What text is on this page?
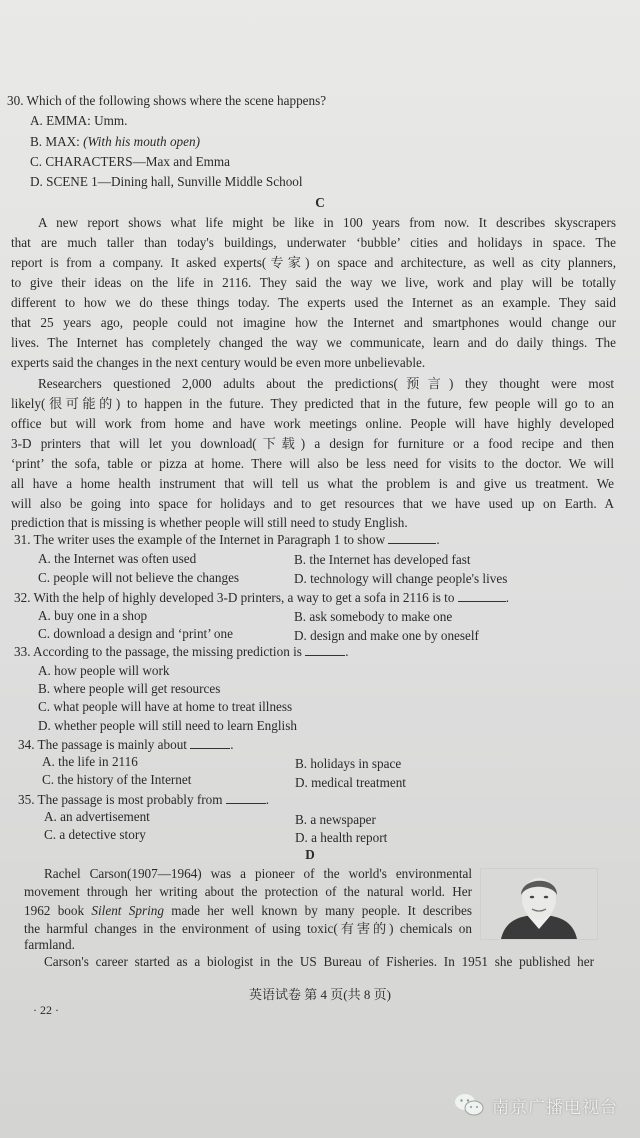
30. Which of the following shows where the scene happens?
A. EMMA: Umm.
B. MAX: (With his mouth open)
C. CHARACTERS—Max and Emma
D. SCENE 1—Dining hall, Sunville Middle School
C
A new report shows what life might be like in 100 years from now. It describes skyscrapers
that are much taller than today's buildings, underwater ‘bubble’ cities and holidays in space. The
report is from a company. It asked experts(专家) on space and architecture, as well as city planners,
to give their ideas on the life in 2116. They said the way we live, work and play will be totally
different to how we do these things today. The experts used the Internet as an example. They said
that 25 years ago, people could not imagine how the Internet and smartphones would change our
lives. The Internet has completely changed the way we communicate, learn and do daily things. The
experts said the changes in the next century would be even more unbelievable.
Researchers questioned 2,000 adults about the predictions(预言) they thought were most
likely(很可能的) to happen in the future. They predicted that in the future, few people will go to an
office but will work from home and have work meetings online. People will have highly developed
3-D printers that will let you download(下载) a design for furniture or a food recipe and then
‘print’ the sofa, table or pizza at home. There will also be less need for visits to the doctor. We will
all have a home health instrument that will tell us what the problem is and give us treatment. We
will also be going into space for holidays and to get resources that we have used up on Earth. A
prediction that is missing is whether people will still need to study English.
31. The writer uses the example of the Internet in Paragraph 1 to show	.
A. the Internet was often used	B. the Internet has developed fast
C. people will not believe the changes	D. technology will change people's lives
32. With the help of highly developed 3-D printers, a way to get a sofa in 2116 is to	.
A. buy one in a shop	B. ask somebody to make one
C. download a design and ‘print’ one	D. design and make one by oneself
33. According to the passage, the missing prediction is	.
A. how people will work
B. where people will get resources
C. what people will have at home to treat illness
D. whether people will still need to learn English
34. The passage is mainly about	.
A. the life in 2116	B. holidays in space
C. the history of the Internet	D. medical treatment
35. The passage is most probably from	.
A. an advertisement	B. a newspaper
C. a detective story	D. a health report
D
Rachel Carson(1907—1964) was a pioneer of the world's environmental
movement through her writing about the protection of the natural world. Her
1962 book Silent Spring made her well known by many people. It describes
the harmful changes in the environment of using toxic(有害的) chemicals on
farmland.
Carson's career started as a biologist in the US Bureau of Fisheries. In 1951 she published her
英语试卷 第 4 页(共 8 页)
· 22 ·
南京广播电视台
